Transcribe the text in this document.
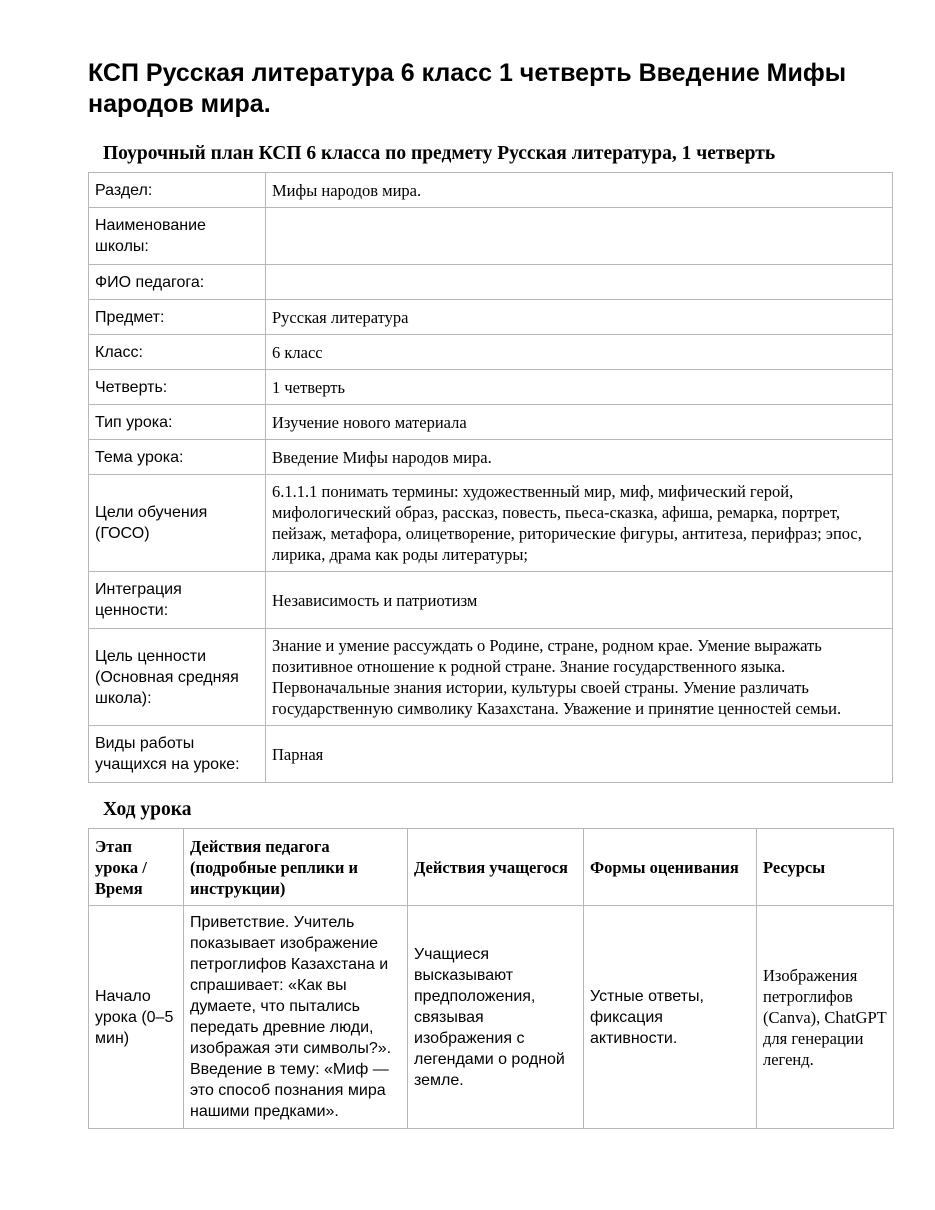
КСП Русская литература 6 класс 1 четверть Введение Мифы народов мира.
Поурочный план КСП 6 класса по предмету Русская литература, 1 четверть
Раздел:	Мифы народов мира.
Наименование школы:	
ФИО педагога:	
Предмет:	Русская литература
Класс:	6 класс
Четверть:	1 четверть
Тип урока:	Изучение нового материала
Тема урока:	Введение Мифы народов мира.
Цели обучения (ГОСО)	6.1.1.1 понимать термины: художественный мир, миф, мифический герой, мифологический образ, рассказ, повесть, пьеса-сказка, афиша, ремарка, портрет, пейзаж, метафора, олицетворение, риторические фигуры, антитеза, перифраз; эпос, лирика, драма как роды литературы;
Интеграция ценности:	Независимость и патриотизм
Цель ценности (Основная средняя школа):	Знание и умение рассуждать о Родине, стране, родном крае. Умение выражать позитивное отношение к родной стране. Знание государственного языка. Первоначальные знания истории, культуры своей страны. Умение различать государственную символику Казахстана. Уважение и принятие ценностей семьи.
Виды работы учащихся на уроке:	Парная
Ход урока
Этап урока / Время	Действия педагога (подробные реплики и инструкции)	Действия учащегося	Формы оценивания	Ресурсы
Начало урока (0–5 мин)	Приветствие. Учитель показывает изображение петроглифов Казахстана и спрашивает: «Как вы думаете, что пытались передать древние люди, изображая эти символы?». Введение в тему: «Миф — это способ познания мира нашими предками».	Учащиеся высказывают предположения, связывая изображения с легендами о родной земле.	Устные ответы, фиксация активности.	Изображения петроглифов (Canva), ChatGPT для генерации легенд.
